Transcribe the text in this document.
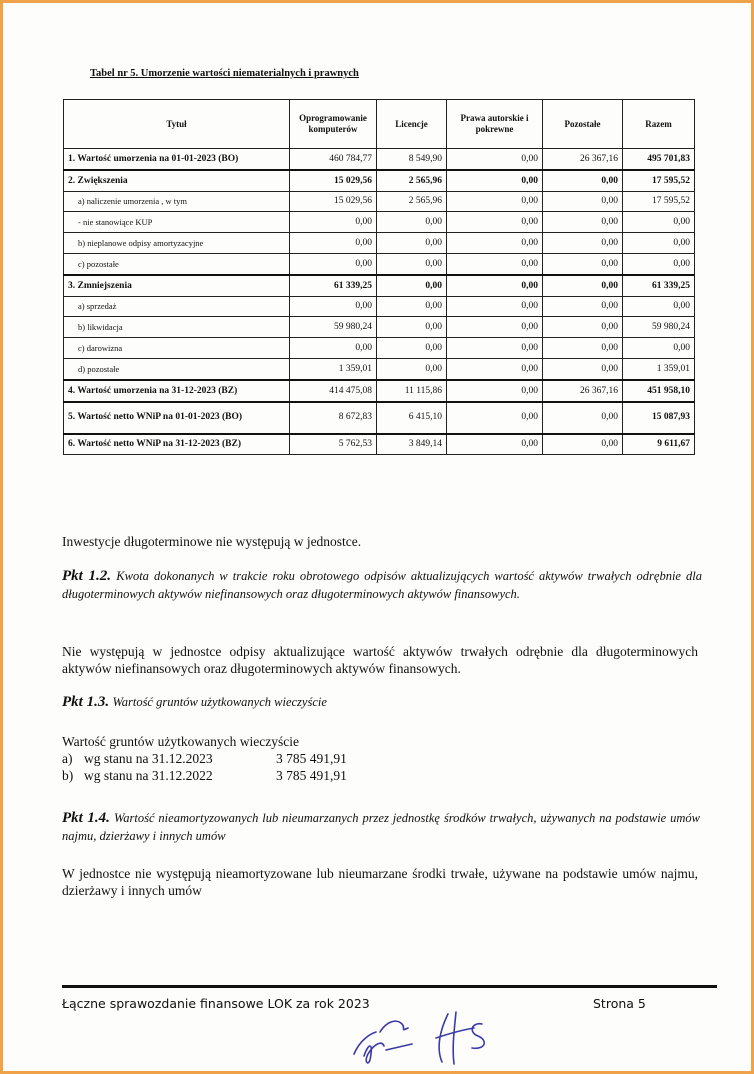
Tabel nr 5. Umorzenie wartości niematerialnych i prawnych
Tytuł	Oprogramowanie komputerów	Licencje	Prawa autorskie i pokrewne	Pozostałe	Razem
1. Wartość umorzenia na 01-01-2023 (BO)	460 784,77	8 549,90	0,00	26 367,16	495 701,83
2. Zwiększenia	15 029,56	2 565,96	0,00	0,00	17 595,52
a) naliczenie umorzenia , w tym	15 029,56	2 565,96	0,00	0,00	17 595,52
- nie stanowiące KUP	0,00	0,00	0,00	0,00	0,00
b) nieplanowe odpisy amortyzacyjne	0,00	0,00	0,00	0,00	0,00
c) pozostałe	0,00	0,00	0,00	0,00	0,00
3. Zmniejszenia	61 339,25	0,00	0,00	0,00	61 339,25
a) sprzedaż	0,00	0,00	0,00	0,00	0,00
b) likwidacja	59 980,24	0,00	0,00	0,00	59 980,24
c) darowizna	0,00	0,00	0,00	0,00	0,00
d) pozostałe	1 359,01	0,00	0,00	0,00	1 359,01
4. Wartość umorzenia na 31-12-2023 (BZ)	414 475,08	11 115,86	0,00	26 367,16	451 958,10
5. Wartość netto WNiP na 01-01-2023 (BO)	8 672,83	6 415,10	0,00	0,00	15 087,93
6. Wartość netto WNiP na 31-12-2023 (BZ)	5 762,53	3 849,14	0,00	0,00	9 611,67
Inwestycje długoterminowe nie występują w jednostce.
Pkt 1.2. Kwota dokonanych w trakcie roku obrotowego odpisów aktualizujących wartość aktywów trwałych odrębnie dla długoterminowych aktywów niefinansowych oraz długoterminowych aktywów finansowych.
Nie występują w jednostce odpisy aktualizujące wartość aktywów trwałych odrębnie dla długoterminowych aktywów niefinansowych oraz długoterminowych aktywów finansowych.
Pkt 1.3. Wartość gruntów użytkowanych wieczyście
Wartość gruntów użytkowanych wieczyście
a) wg stanu na 31.12.2023	3 785 491,91
b) wg stanu na 31.12.2022	3 785 491,91
Pkt 1.4. Wartość nieamortyzowanych lub nieumarzanych przez jednostkę środków trwałych, używanych na podstawie umów najmu, dzierżawy i innych umów
W jednostce nie występują nieamortyzowane lub nieumarzane środki trwałe, używane na podstawie umów najmu, dzierżawy i innych umów
Łączne sprawozdanie finansowe LOK za rok 2023	Strona 5
